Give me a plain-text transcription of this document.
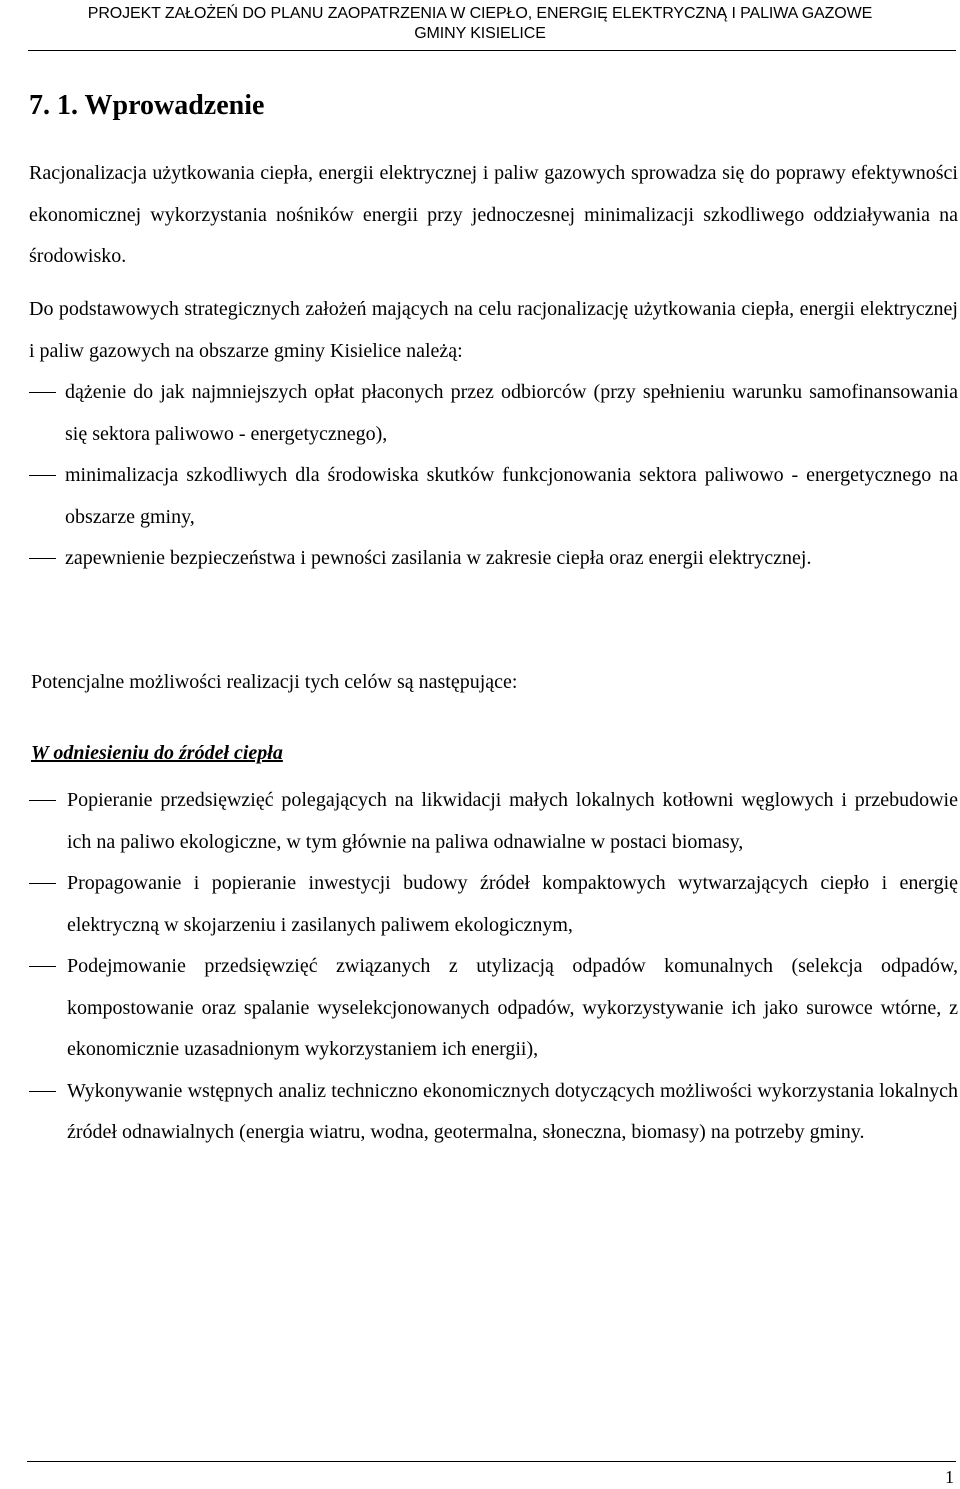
PROJEKT ZAŁOŻEŃ DO PLANU ZAOPATRZENIA W CIEPŁO, ENERGIĘ ELEKTRYCZNĄ I PALIWA GAZOWE
GMINY KISIELICE
7. 1. Wprowadzenie

Racjonalizacja użytkowania ciepła, energii elektrycznej i paliw gazowych sprowadza się do poprawy efektywności ekonomicznej wykorzystania nośników energii przy jednoczesnej minimalizacji szkodliwego oddziaływania na środowisko.

Do podstawowych strategicznych założeń mających na celu racjonalizację użytkowania ciepła, energii elektrycznej i paliw gazowych na obszarze gminy Kisielice należą:

dążenie do jak najmniejszych opłat płaconych przez odbiorców (przy spełnieniu warunku samofinansowania się sektora paliwowo - energetycznego),
minimalizacja szkodliwych dla środowiska skutków funkcjonowania sektora paliwowo - energetycznego na obszarze gminy,
zapewnienie bezpieczeństwa i pewności zasilania w zakresie ciepła oraz energii elektrycznej.

Potencjalne możliwości realizacji tych celów są następujące:

W odniesieniu do źródeł ciepła

Popieranie przedsięwzięć polegających na likwidacji małych lokalnych kotłowni węglowych i przebudowie ich na paliwo ekologiczne, w tym głównie na paliwa odnawialne w postaci biomasy,
Propagowanie i popieranie inwestycji budowy źródeł kompaktowych wytwarzających ciepło i energię elektryczną w skojarzeniu i zasilanych paliwem ekologicznym,
Podejmowanie przedsięwzięć związanych z utylizacją odpadów komunalnych (selekcja odpadów, kompostowanie oraz spalanie wyselekcjonowanych odpadów, wykorzystywanie ich jako surowce wtórne, z ekonomicznie uzasadnionym wykorzystaniem ich energii),
Wykonywanie wstępnych analiz techniczno ekonomicznych dotyczących możliwości wykorzystania lokalnych źródeł odnawialnych (energia wiatru, wodna, geotermalna, słoneczna, biomasy) na potrzeby gminy.
1
